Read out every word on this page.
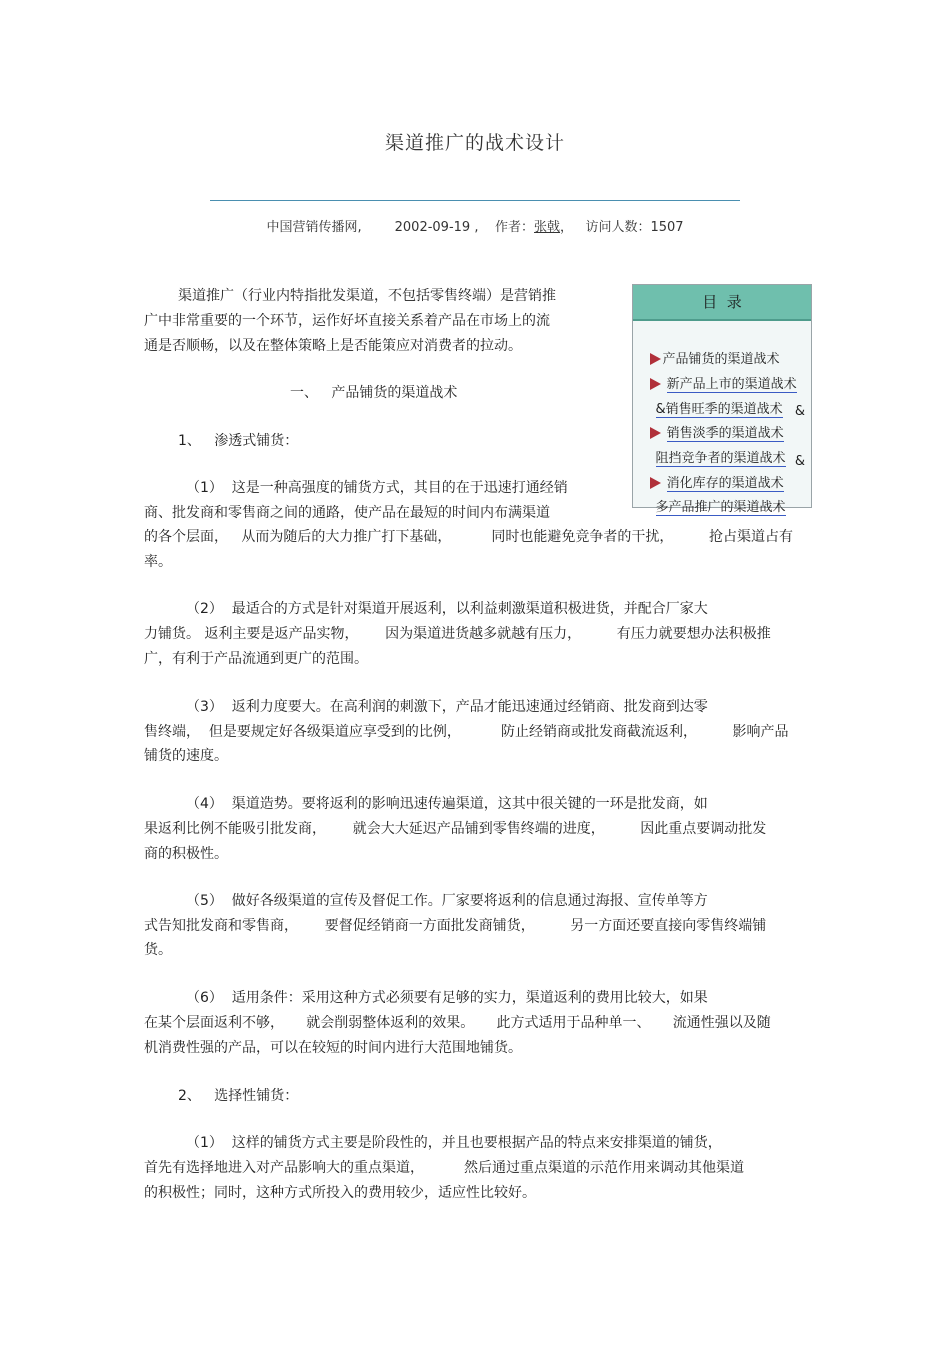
渠道推广的战术设计
中国营销传播网,	2002-09-19 , 作者：张戟， 访问人数：1507
目  录

产品铺货的渠道战术

新产品上市的渠道战术

&销售旺季的渠道战术

销售淡季的渠道战术

&

阻挡竞争者的渠道战术

消化库存的渠道战术

&

多产品推广的渠道战术

渠道推广（行业内特指批发渠道，不包括零售终端）是营销推
广中非常重要的一个环节，运作好坏直接关系着产品在市场上的流
通是否顺畅，以及在整体策略上是否能策应对消费者的拉动。
一、   产品铺货的渠道战术
1、   渗透式铺货：
（1）  这是一种高强度的铺货方式，其目的在于迅速打通经销
商、批发商和零售商之间的通路，使产品在最短的时间内布满渠道
的各个层面，   从而为随后的大力推广打下基础，         同时也能避免竞争者的干扰，        抢占渠道占有
率。
（2）  最适合的方式是针对渠道开展返利，以利益刺激渠道积极进货，并配合厂家大
力铺货。 返利主要是返产品实物，      因为渠道进货越多就越有压力，        有压力就要想办法积极推
广，有利于产品流通到更广的范围。
（3）  返利力度要大。在高利润的刺激下，产品才能迅速通过经销商、批发商到达零
售终端，  但是要规定好各级渠道应享受到的比例，         防止经销商或批发商截流返利，        影响产品
铺货的速度。
（4）  渠道造势。要将返利的影响迅速传遍渠道，这其中很关键的一环是批发商，如
果返利比例不能吸引批发商，      就会大大延迟产品铺到零售终端的进度，        因此重点要调动批发
商的积极性。
（5）  做好各级渠道的宣传及督促工作。厂家要将返利的信息通过海报、宣传单等方
式告知批发商和零售商，      要督促经销商一方面批发商铺货，        另一方面还要直接向零售终端铺
货。
（6）  适用条件：采用这种方式必须要有足够的实力，渠道返利的费用比较大，如果
在某个层面返利不够，     就会削弱整体返利的效果。     此方式适用于品种单一、     流通性强以及随
机消费性强的产品，可以在较短的时间内进行大范围地铺货。
2、   选择性铺货：
（1）  这样的铺货方式主要是阶段性的，并且也要根据产品的特点来安排渠道的铺货，
首先有选择地进入对产品影响大的重点渠道，         然后通过重点渠道的示范作用来调动其他渠道
的积极性；同时，这种方式所投入的费用较少，适应性比较好。
